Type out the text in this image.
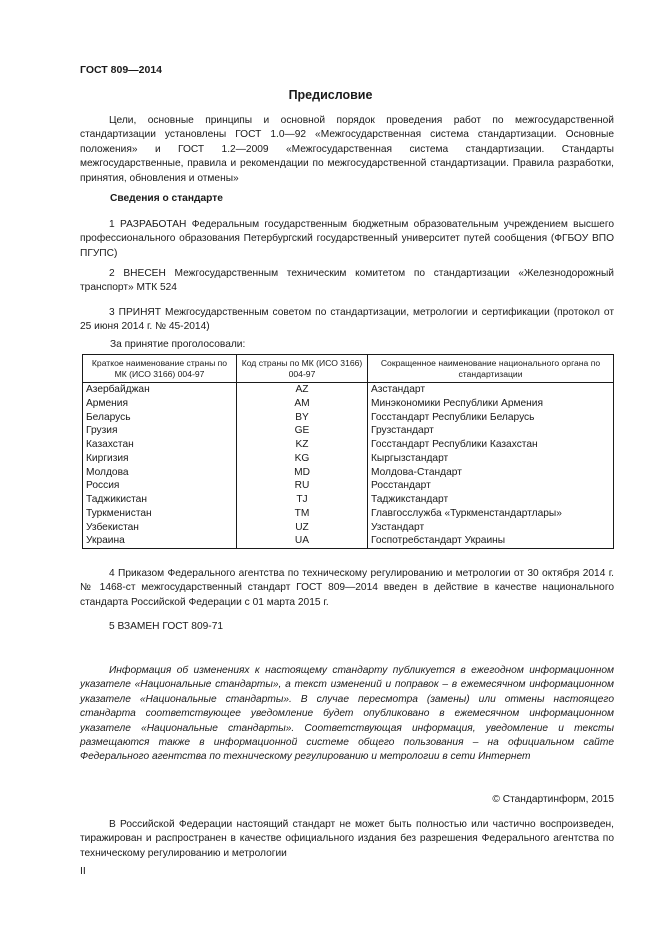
ГОСТ 809—2014
Предисловие

Цели, основные принципы и основной порядок проведения работ по межгосударственной стандартизации установлены ГОСТ 1.0—92 «Межгосударственная система стандартизации. Основные положения» и ГОСТ 1.2—2009 «Межгосударственная система стандартизации. Стандарты межгосударственные, правила и рекомендации по межгосударственной стандартизации. Правила разработки, принятия, обновления и отмены»

Сведения о стандарте

1 РАЗРАБОТАН Федеральным государственным бюджетным образовательным учреждением высшего профессионального образования Петербургский государственный университет путей сообщения (ФГБОУ ВПО ПГУПС)

2 ВНЕСЕН Межгосударственным техническим комитетом по стандартизации «Железнодорожный транспорт» МТК 524

3 ПРИНЯТ Межгосударственным советом по стандартизации, метрологии и сертификации (протокол от 25 июня 2014 г. № 45-2014)

За принятие проголосовали:
Краткое наименование страны по МК (ИСО 3166) 004-97	Код страны по МК (ИСО 3166) 004-97	Сокращенное наименование национального органа по стандартизации
Азербайджан	AZ	Азстандарт
Армения	AM	Минэкономики Республики Армения
Беларусь	BY	Госстандарт Республики Беларусь
Грузия	GE	Грузстандарт
Казахстан	KZ	Госстандарт Республики Казахстан
Киргизия	KG	Кыргызстандарт
Молдова	MD	Молдова-Стандарт
Россия	RU	Росстандарт
Таджикистан	TJ	Таджикстандарт
Туркменистан	TM	Главгосслужба «Туркменстандартлары»
Узбекистан	UZ	Узстандарт
Украина	UA	Госпотребстандарт Украины

4 Приказом Федерального агентства по техническому регулированию и метрологии от 30 октября 2014 г. № 1468-ст межгосударственный стандарт ГОСТ 809—2014 введен в действие в качестве национального стандарта Российской Федерации с 01 марта 2015 г.

5 ВЗАМЕН ГОСТ 809-71

Информация об изменениях к настоящему стандарту публикуется в ежегодном информационном указателе «Национальные стандарты», а текст изменений и поправок – в ежемесячном информационном указателе «Национальные стандарты». В случае пересмотра (замены) или отмены настоящего стандарта соответствующее уведомление будет опубликовано в ежемесячном информационном указателе «Национальные стандарты». Соответствующая информация, уведомление и тексты размещаются также в информационной системе общего пользования – на официальном сайте Федерального агентства по техническому регулированию и метрологии в сети Интернет

© Стандартинформ, 2015

В Российской Федерации настоящий стандарт не может быть полностью или частично воспроизведен, тиражирован и распространен в качестве официального издания без разрешения Федерального агентства по техническому регулированию и метрологии

II
